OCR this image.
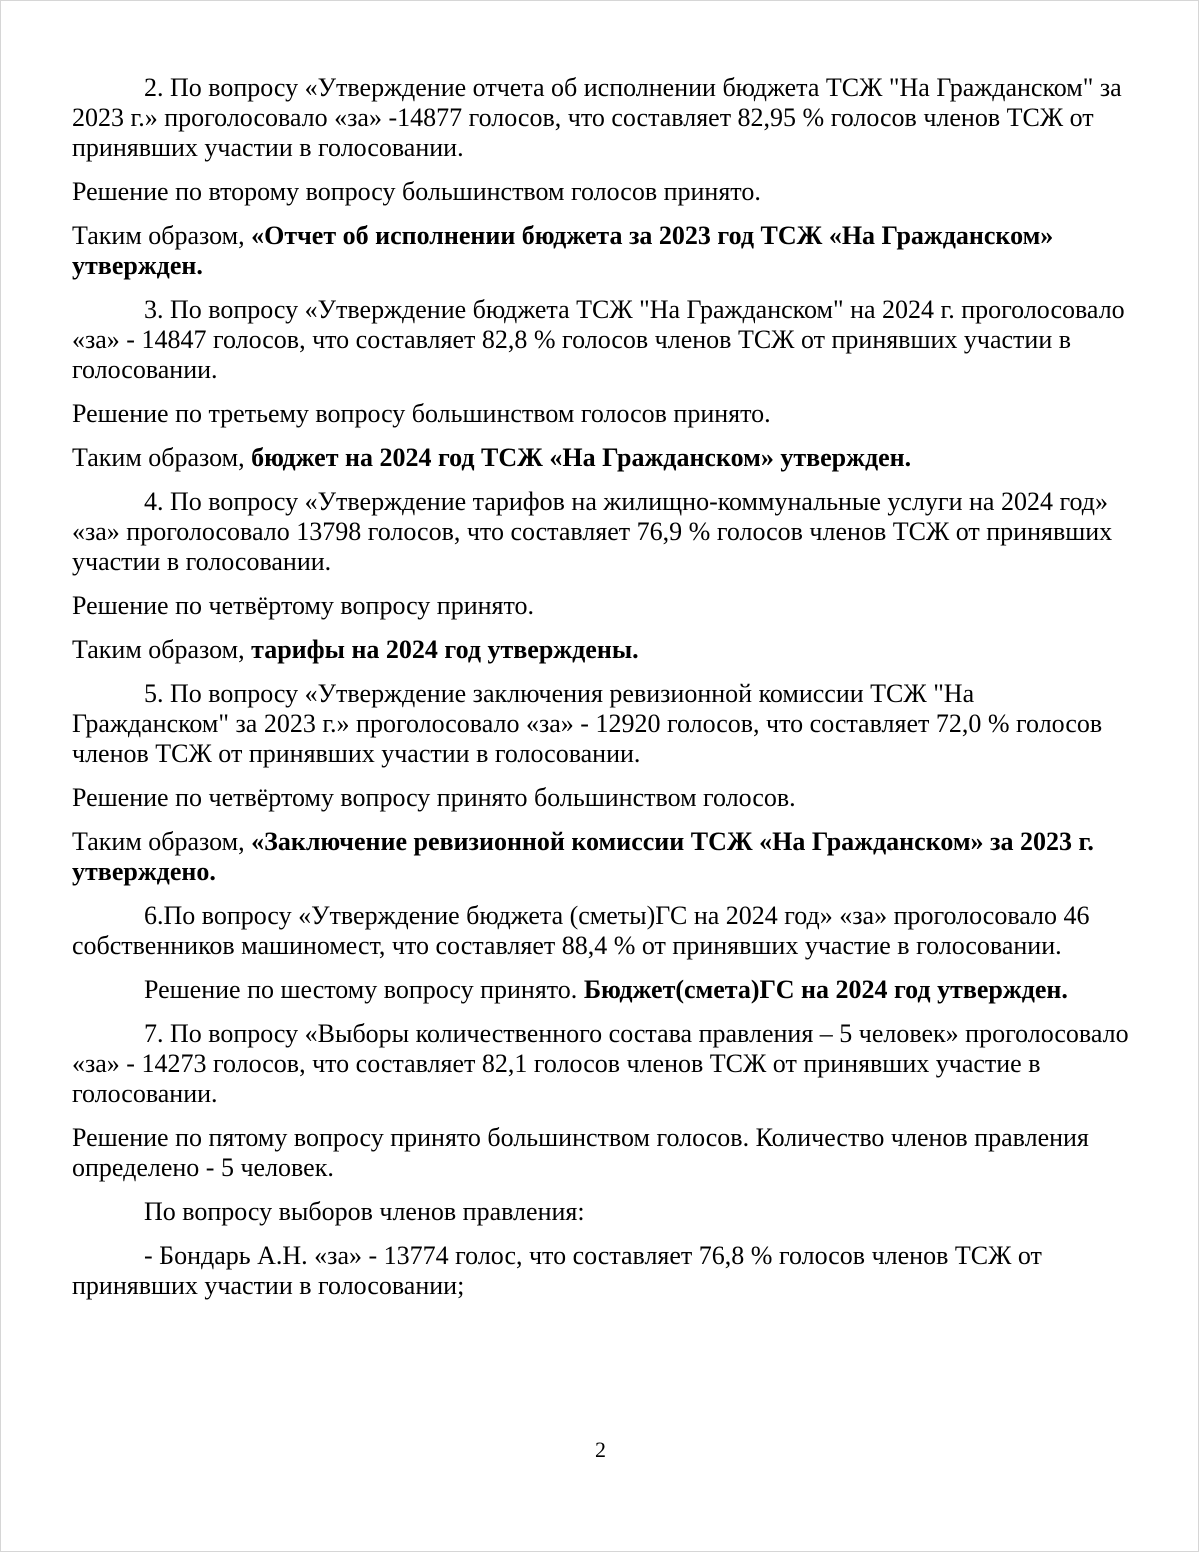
2. По вопросу «Утверждение отчета об исполнении бюджета ТСЖ "На Гражданском" за 2023 г.» проголосовало «за» -14877 голосов, что составляет 82,95 % голосов членов ТСЖ от принявших участии в голосовании.

Решение по второму вопросу большинством голосов принято.

Таким образом, «Отчет об исполнении бюджета за 2023 год ТСЖ «На Гражданском» утвержден.

3. По вопросу «Утверждение бюджета ТСЖ "На Гражданском" на 2024 г. проголосовало «за» - 14847 голосов, что составляет 82,8 % голосов членов ТСЖ от принявших участии в голосовании.

Решение по третьему вопросу большинством голосов принято.

Таким образом, бюджет на 2024 год ТСЖ «На Гражданском» утвержден.

4. По вопросу «Утверждение тарифов на жилищно-коммунальные услуги на 2024 год» «за» проголосовало 13798 голосов, что составляет 76,9 % голосов членов ТСЖ от принявших участии в голосовании.

Решение по четвёртому вопросу принято.

Таким образом, тарифы на 2024 год утверждены.

5. По вопросу «Утверждение заключения ревизионной комиссии ТСЖ "На Гражданском" за 2023 г.» проголосовало «за» - 12920 голосов, что составляет 72,0 % голосов членов ТСЖ от принявших участии в голосовании.

Решение по четвёртому вопросу принято большинством голосов.

Таким образом, «Заключение ревизионной комиссии ТСЖ «На Гражданском» за 2023 г. утверждено.

6.По вопросу «Утверждение бюджета (сметы)ГС на 2024 год» «за» проголосовало 46 собственников машиномест, что составляет 88,4 % от принявших участие в голосовании.

Решение по шестому вопросу принято. Бюджет(смета)ГС на 2024 год утвержден.

7. По вопросу «Выборы количественного состава правления – 5 человек» проголосовало «за» - 14273 голосов, что составляет 82,1 голосов членов ТСЖ от принявших участие в голосовании.

Решение по пятому вопросу принято большинством голосов. Количество членов правления определено - 5 человек.

По вопросу выборов членов правления:

- Бондарь А.Н. «за» - 13774 голос, что составляет 76,8 % голосов членов ТСЖ от принявших участии в голосовании;

2
